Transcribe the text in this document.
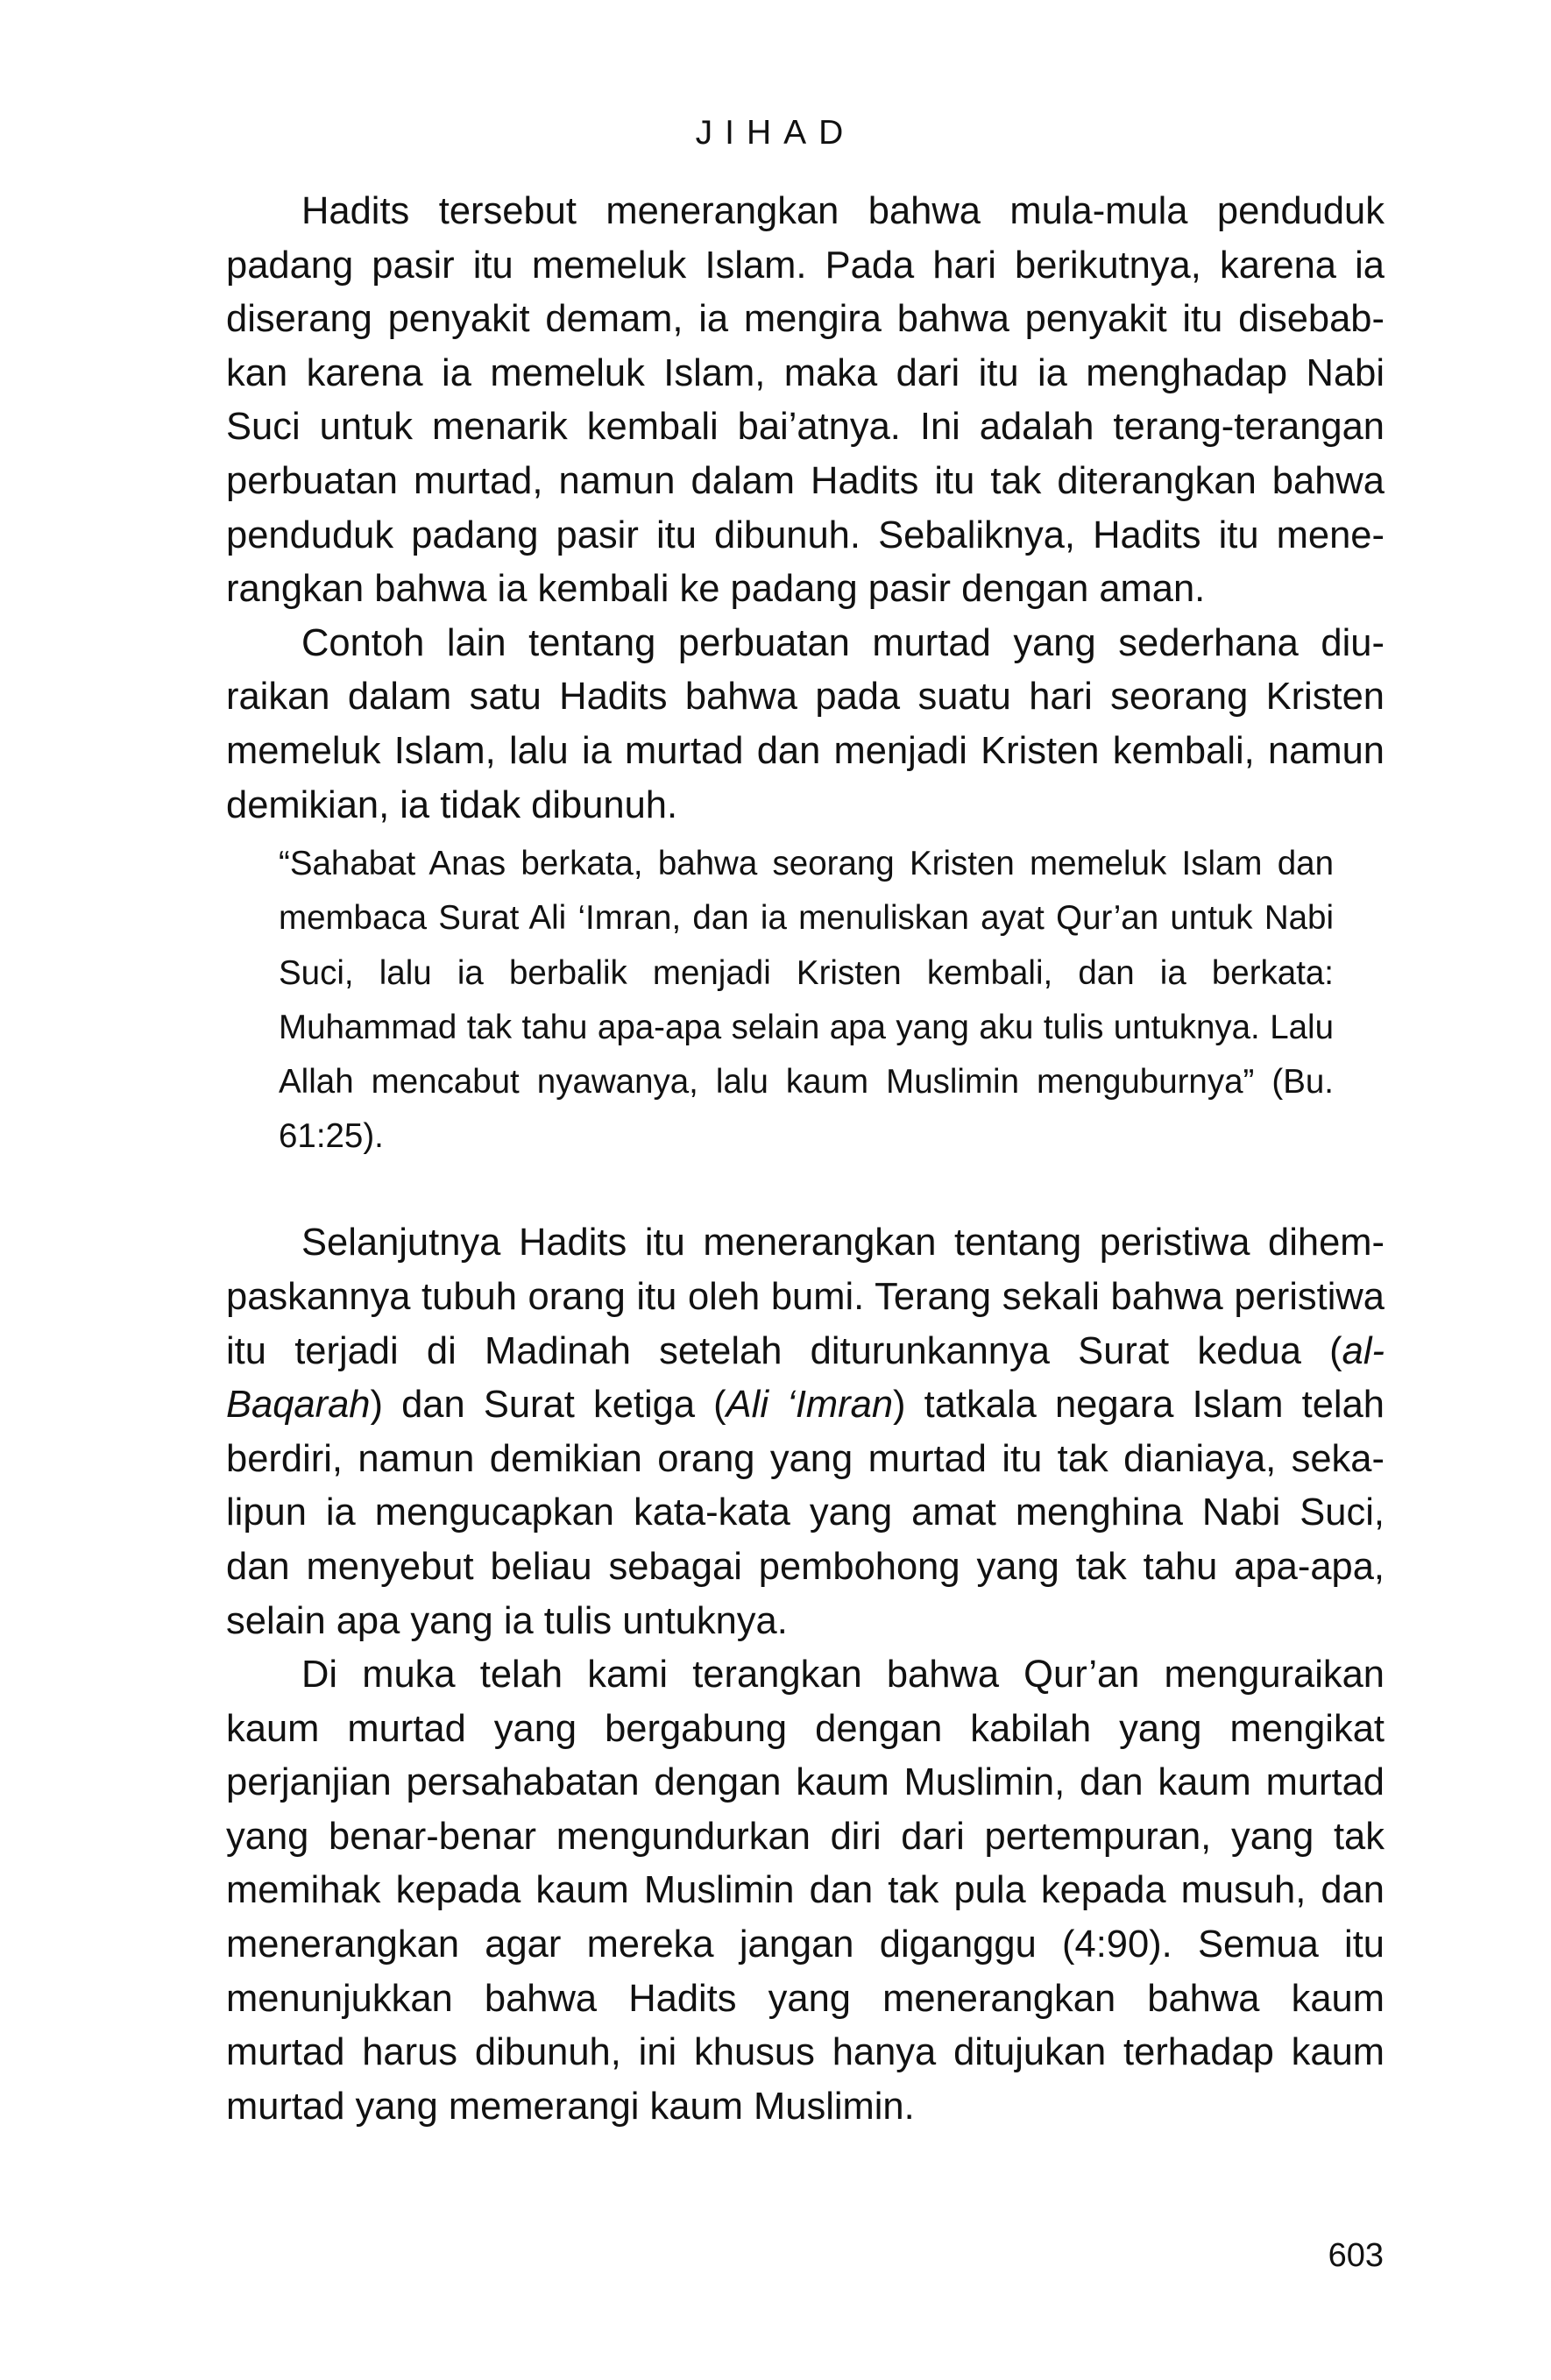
JIHAD

Hadits tersebut menerangkan bahwa mula-mula penduduk padang pasir itu memeluk Islam. Pada hari berikutnya, karena ia diserang penyakit demam, ia mengira bahwa penyakit itu disebabkan karena ia memeluk Islam, maka dari itu ia menghadap Nabi Suci untuk menarik kembali bai’atnya. Ini adalah terang-terangan perbuatan murtad, namun dalam Hadits itu tak diterangkan bahwa penduduk padang pasir itu dibunuh. Sebaliknya, Hadits itu menerangkan bahwa ia kembali ke padang pasir dengan aman.

Contoh lain tentang perbuatan murtad yang sederhana diuraikan dalam satu Hadits bahwa pada suatu hari seorang Kristen memeluk Islam, lalu ia murtad dan menjadi Kristen kembali, namun demikian, ia tidak dibunuh.

“Sahabat Anas berkata, bahwa seorang Kristen memeluk Islam dan membaca Surat Ali ‘Imran, dan ia menuliskan ayat Qur’an untuk Nabi Suci, lalu ia berbalik menjadi Kristen kembali, dan ia berkata: Muhammad tak tahu apa-apa selain apa yang aku tulis untuknya. Lalu Allah mencabut nyawanya, lalu kaum Muslimin menguburnya” (Bu. 61:25).

Selanjutnya Hadits itu menerangkan tentang peristiwa dihempaskannya tubuh orang itu oleh bumi. Terang sekali bahwa peristiwa itu terjadi di Madinah setelah diturunkannya Surat kedua (al-Baqarah) dan Surat ketiga (Ali ‘Imran) tatkala negara Islam telah berdiri, namun demikian orang yang murtad itu tak dianiaya, sekalipun ia mengucapkan kata-kata yang amat menghina Nabi Suci, dan menyebut beliau sebagai pembohong yang tak tahu apa-apa, selain apa yang ia tulis untuknya.

Di muka telah kami terangkan bahwa Qur’an menguraikan kaum murtad yang bergabung dengan kabilah yang mengikat perjanjian persahabatan dengan kaum Muslimin, dan kaum murtad yang benar-benar mengundurkan diri dari pertempuran, yang tak memihak kepada kaum Muslimin dan tak pula kepada musuh, dan menerangkan agar mereka jangan diganggu (4:90). Semua itu menunjukkan bahwa Hadits yang menerangkan bahwa kaum murtad harus dibunuh, ini khusus hanya ditujukan terhadap kaum murtad yang memerangi kaum Muslimin.

603
